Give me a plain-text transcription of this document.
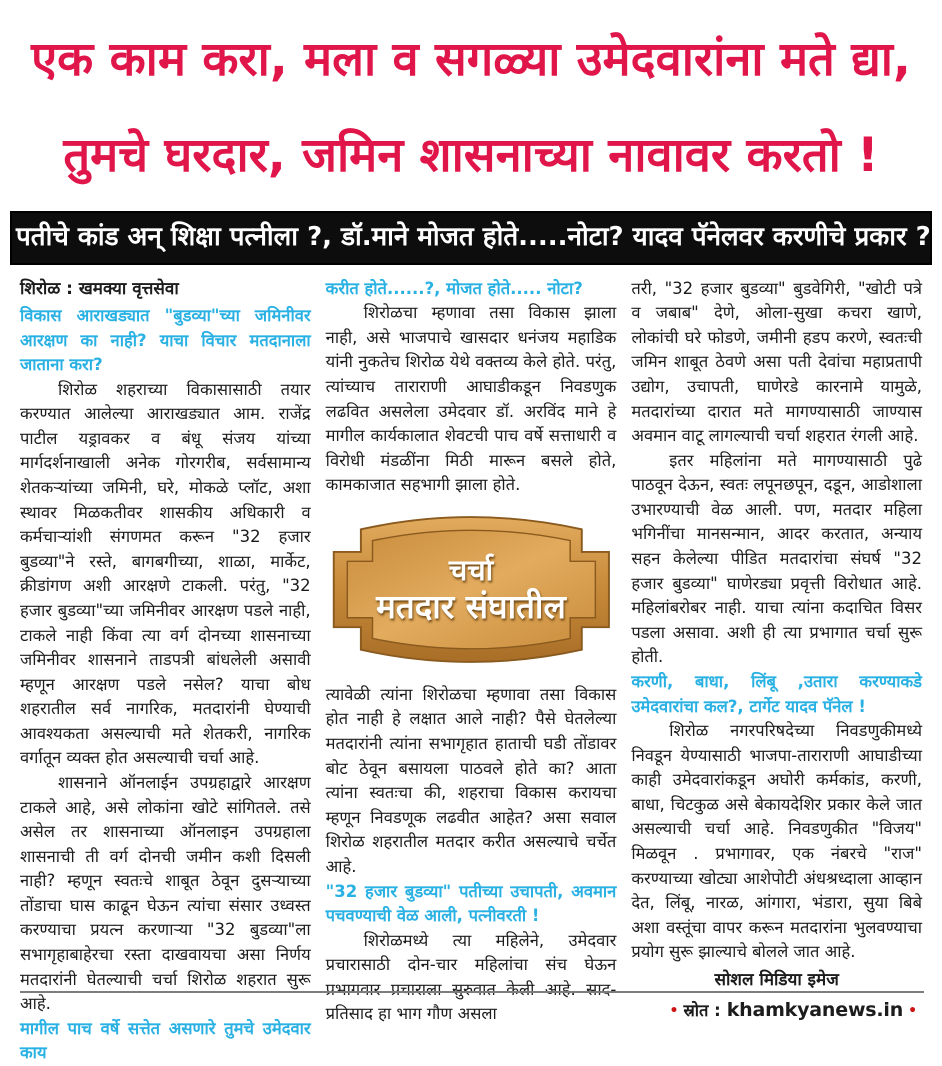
एक काम करा, मला व सगळ्या उमेदवारांना मते द्या,
तुमचे घरदार, जमिन शासनाच्या नावावर करतो !
पतीचे कांड अन् शिक्षा पत्नीला ?, डॉ.माने मोजत होते.....नोटा? यादव पॅनेलवर करणीचे प्रकार ?
शिरोळ : खमक्या वृत्तसेवा
विकास आराखड्यात "बुडव्या"च्या जमिनीवर आरक्षण का नाही? याचा विचार मतदानाला जाताना करा?

शिरोळ शहराच्या विकासासाठी तयार करण्यात आलेल्या आराखड्यात आम. राजेंद्र पाटील यड्रावकर व बंधू संजय यांच्या मार्गदर्शनाखाली अनेक गोरगरीब, सर्वसामान्य शेतकऱ्यांच्या जमिनी, घरे, मोकळे प्लॉट, अशा स्थावर मिळकतीवर शासकीय अधिकारी व कर्मचाऱ्यांशी संगणमत करून "32 हजार बुडव्या"ने रस्ते, बागबगीच्या, शाळा, मार्केट, क्रीडांगण अशी आरक्षणे टाकली. परंतु, "32 हजार बुडव्या"च्या जमिनीवर आरक्षण पडले नाही, टाकले नाही किंवा त्या वर्ग दोनच्या शासनाच्या जमिनीवर शासनाने ताडपत्री बांधलेली असावी म्हणून आरक्षण पडले नसेल? याचा बोध शहरातील सर्व नागरिक, मतदारांनी घेण्याची आवश्यकता असल्याची मते शेतकरी, नागरिक वर्गातून व्यक्त होत असल्याची चर्चा आहे.

शासनाने ऑनलाईन उपग्रहाद्वारे आरक्षण टाकले आहे, असे लोकांना खोटे सांगितले. तसे असेल तर शासनाच्या ऑनलाइन उपग्रहाला शासनाची ती वर्ग दोनची जमीन कशी दिसली नाही? म्हणून स्वतःचे शाबूत ठेवून दुसऱ्याच्या तोंडाचा घास काढून घेऊन त्यांचा संसार उध्वस्त करण्याचा प्रयत्न करणाऱ्या "32 बुडव्या"ला सभागृहाबाहेरचा रस्ता दाखवायचा असा निर्णय मतदारांनी घेतल्याची चर्चा शिरोळ शहरात सुरू आहे.

मागील पाच वर्षे सत्तेत असणारे तुमचे उमेदवार काय
करीत होते......?, मोजत होते..... नोटा?

शिरोळचा म्हणावा तसा विकास झाला नाही, असे भाजपाचे खासदार धनंजय महाडिक यांनी नुकतेच शिरोळ येथे वक्तव्य केले होते. परंतु, त्यांच्याच ताराराणी आघाडीकडून निवडणुक लढवित असलेला उमेदवार डॉ. अरविंद माने हे मागील कार्यकालात शेवटची पाच वर्षे सत्ताधारी व विरोधी मंडळींना मिठी मारून बसले होते, कामकाजात सहभागी झाला होते.

चर्चा
मतदार संघातील

त्यावेळी त्यांना शिरोळचा म्हणावा तसा विकास होत नाही हे लक्षात आले नाही? पैसे घेतलेल्या मतदारांनी त्यांना सभागृहात हाताची घडी तोंडावर बोट ठेवून बसायला पाठवले होते का? आता त्यांना स्वतःचा की, शहराचा विकास करायचा म्हणून निवडणूक लढवीत आहेत? असा सवाल शिरोळ शहरातील मतदार करीत असल्याचे चर्चेत आहे.

"32 हजार बुडव्या" पतीच्या उचापती, अवमान पचवण्याची वेळ आली, पत्नीवरती !

शिरोळमध्ये त्या महिलेने, उमेदवार प्रचारासाठी दोन-चार महिलांचा संच घेऊन प्रभागवार प्रचाराला सुरुवात केली आहे. साद-प्रतिसाद हा भाग गौण असला

तरी, "32 हजार बुडव्या" बुडवेगिरी, "खोटी पत्रे व जबाब" देणे, ओला-सुखा कचरा खाणे, लोकांची घरे फोडणे, जमीनी हडप करणे, स्वतःची जमिन शाबूत ठेवणे असा पती देवांचा महाप्रतापी उद्योग, उचापती, घाणेरडे कारनामे यामुळे, मतदारांच्या दारात मते मागण्यासाठी जाण्यास अवमान वाटू लागल्याची चर्चा शहरात रंगली आहे.

इतर महिलांना मते मागण्यासाठी पुढे पाठवून देऊन, स्वतः लपूनछपून, दडून, आडोशाला उभारण्याची वेळ आली. पण, मतदार महिला भगिनींचा मानसन्मान, आदर करतात, अन्याय सहन केलेल्या पीडित मतदारांचा संघर्ष "32 हजार बुडव्या" घाणेरड्या प्रवृत्ती विरोधात आहे. महिलांबरोबर नाही. याचा त्यांना कदाचित विसर पडला असावा. अशी ही त्या प्रभागात चर्चा सुरू होती.

करणी, बाधा, लिंबू ,उतारा करण्याकडे उमेदवारांचा कल?, टार्गेट यादव पॅनेल !

शिरोळ नगरपरिषदेच्या निवडणुकीमध्ये निवडून येण्यासाठी भाजपा-ताराराणी आघाडीच्या काही उमेदवारांकडून अघोरी कर्मकांड, करणी, बाधा, चिटकुळ असे बेकायदेशिर प्रकार केले जात असल्याची चर्चा आहे. निवडणुकीत "विजय" मिळवून . प्रभागावर, एक नंबरचे "राज" करण्याच्या खोट्या आशेपोटी अंधश्रध्दाला आव्हान देत, लिंबू, नारळ, आंगारा, भंडारा, सुया बिबे अशा वस्तूंचा वापर करून मतदारांना भुलवण्याचा प्रयोग सुरू झाल्याचे बोलले जात आहे.

सोशल मिडिया इमेज
• स्रोत : khamkyanews.in •
